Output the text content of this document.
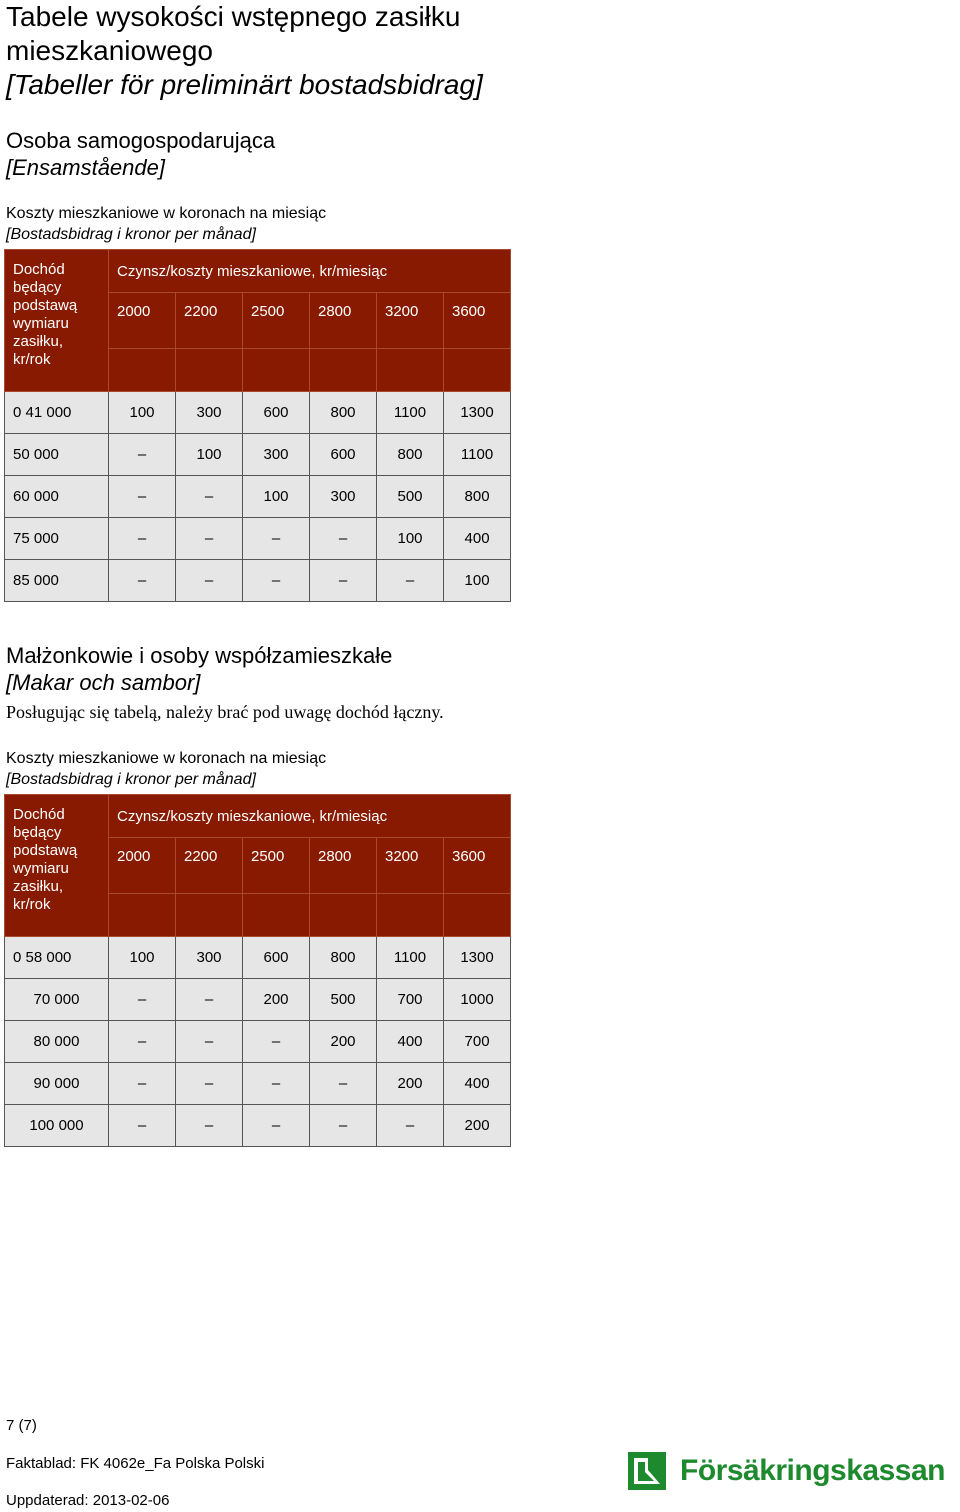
Tabele wysokości wstępnego zasiłku
mieszkaniowego
[Tabeller för preliminärt bostadsbidrag]
Osoba samogospodarująca
[Ensamstående]
Koszty mieszkaniowe w koronach na miesiąc
[Bostadsbidrag i kronor per månad]
Dochód będący podstawą wymiaru zasiłku, kr/rok	Czynsz/koszty mieszkaniowe, kr/miesiąc					
	2000	2200	2500	2800	3200	3600

0 41 000	100	300	600	800	1100	1300
50 000	–	100	300	600	800	1100
60 000	–	–	100	300	500	800
75 000	–	–	–	–	100	400
85 000	–	–	–	–	–	100
Małżonkowie i osoby współzamieszkałe
[Makar och sambor]
Posługując się tabelą, należy brać pod uwagę dochód łączny.
Koszty mieszkaniowe w koronach na miesiąc
[Bostadsbidrag i kronor per månad]
Dochód będący podstawą wymiaru zasiłku, kr/rok	Czynsz/koszty mieszkaniowe, kr/miesiąc					
	2000	2200	2500	2800	3200	3600

0 58 000	100	300	600	800	1100	1300
70 000	–	–	200	500	700	1000
80 000	–	–	–	200	400	700
90 000	–	–	–	–	200	400
100 000	–	–	–	–	–	200
7 (7)
Faktablad: FK 4062e_Fa Polska Polski
Uppdaterad: 2013-02-06
Försäkringskassan
